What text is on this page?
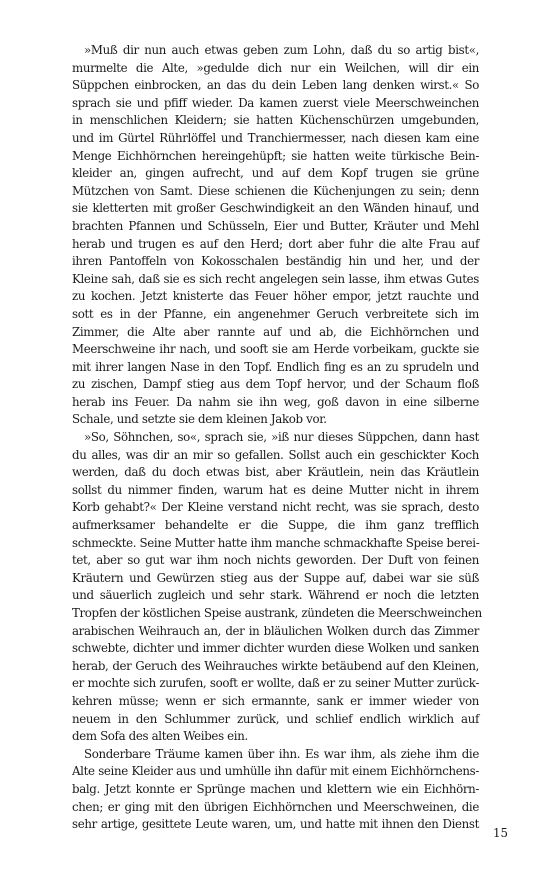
»Muß dir nun auch etwas geben zum Lohn, daß du so artig bist«,
murmelte die Alte, »gedulde dich nur ein Weilchen, will dir ein
Süppchen einbrocken, an das du dein Leben lang denken wirst.« So
sprach sie und pfiff wieder. Da kamen zuerst viele Meerschweinchen
in menschlichen Kleidern; sie hatten Küchenschürzen umgebunden,
und im Gürtel Rührlöffel und Tranchiermesser, nach diesen kam eine
Menge Eichhörnchen hereingehüpft; sie hatten weite türkische Bein-
kleider an, gingen aufrecht, und auf dem Kopf trugen sie grüne
Mützchen von Samt. Diese schienen die Küchenjungen zu sein; denn
sie kletterten mit großer Geschwindigkeit an den Wänden hinauf, und
brachten Pfannen und Schüsseln, Eier und Butter, Kräuter und Mehl
herab und trugen es auf den Herd; dort aber fuhr die alte Frau auf
ihren Pantoffeln von Kokosschalen beständig hin und her, und der
Kleine sah, daß sie es sich recht angelegen sein lasse, ihm etwas Gutes
zu kochen. Jetzt knisterte das Feuer höher empor, jetzt rauchte und
sott es in der Pfanne, ein angenehmer Geruch verbreitete sich im
Zimmer, die Alte aber rannte auf und ab, die Eichhörnchen und
Meerschweine ihr nach, und sooft sie am Herde vorbeikam, guckte sie
mit ihrer langen Nase in den Topf. Endlich fing es an zu sprudeln und
zu zischen, Dampf stieg aus dem Topf hervor, und der Schaum floß
herab ins Feuer. Da nahm sie ihn weg, goß davon in eine silberne
Schale, und setzte sie dem kleinen Jakob vor.
»So, Söhnchen, so«, sprach sie, »iß nur dieses Süppchen, dann hast
du alles, was dir an mir so gefallen. Sollst auch ein geschickter Koch
werden, daß du doch etwas bist, aber Kräutlein, nein das Kräutlein
sollst du nimmer finden, warum hat es deine Mutter nicht in ihrem
Korb gehabt?« Der Kleine verstand nicht recht, was sie sprach, desto
aufmerksamer behandelte er die Suppe, die ihm ganz trefflich
schmeckte. Seine Mutter hatte ihm manche schmackhafte Speise berei-
tet, aber so gut war ihm noch nichts geworden. Der Duft von feinen
Kräutern und Gewürzen stieg aus der Suppe auf, dabei war sie süß
und säuerlich zugleich und sehr stark. Während er noch die letzten
Tropfen der köstlichen Speise austrank, zündeten die Meerschweinchen
arabischen Weihrauch an, der in bläulichen Wolken durch das Zimmer
schwebte, dichter und immer dichter wurden diese Wolken und sanken
herab, der Geruch des Weihrauches wirkte betäubend auf den Kleinen,
er mochte sich zurufen, sooft er wollte, daß er zu seiner Mutter zurück-
kehren müsse; wenn er sich ermannte, sank er immer wieder von
neuem in den Schlummer zurück, und schlief endlich wirklich auf
dem Sofa des alten Weibes ein.
Sonderbare Träume kamen über ihn. Es war ihm, als ziehe ihm die
Alte seine Kleider aus und umhülle ihn dafür mit einem Eichhörnchens-
balg. Jetzt konnte er Sprünge machen und klettern wie ein Eichhörn-
chen; er ging mit den übrigen Eichhörnchen und Meerschweinen, die
sehr artige, gesittete Leute waren, um, und hatte mit ihnen den Dienst
15
